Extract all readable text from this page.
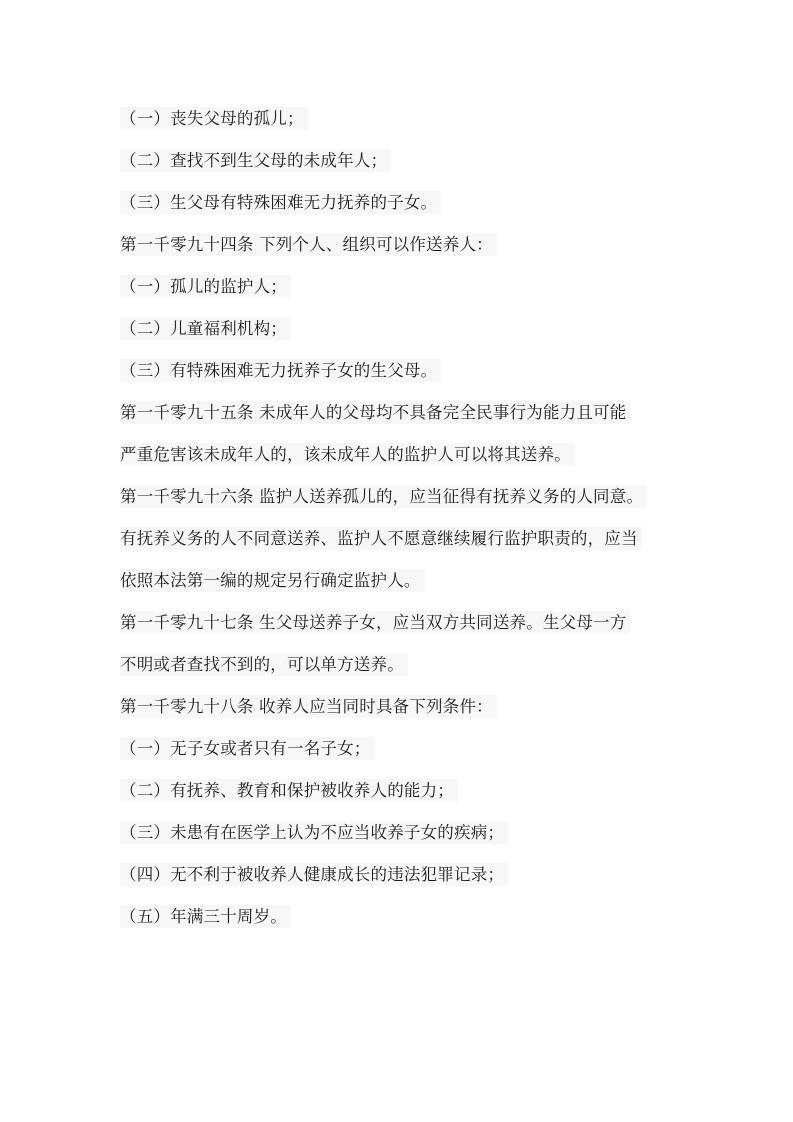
（一）丧失父母的孤儿；
（二）查找不到生父母的未成年人；
（三）生父母有特殊困难无力抚养的子女。
第一千零九十四条 下列个人、组织可以作送养人：
（一）孤儿的监护人；
（二）儿童福利机构；
（三）有特殊困难无力抚养子女的生父母。
第一千零九十五条 未成年人的父母均不具备完全民事行为能力且可能
严重危害该未成年人的，该未成年人的监护人可以将其送养。
第一千零九十六条 监护人送养孤儿的，应当征得有抚养义务的人同意。
有抚养义务的人不同意送养、监护人不愿意继续履行监护职责的，应当
依照本法第一编的规定另行确定监护人。
第一千零九十七条 生父母送养子女，应当双方共同送养。生父母一方
不明或者查找不到的，可以单方送养。
第一千零九十八条 收养人应当同时具备下列条件：
（一）无子女或者只有一名子女；
（二）有抚养、教育和保护被收养人的能力；
（三）未患有在医学上认为不应当收养子女的疾病；
（四）无不利于被收养人健康成长的违法犯罪记录；
（五）年满三十周岁。
